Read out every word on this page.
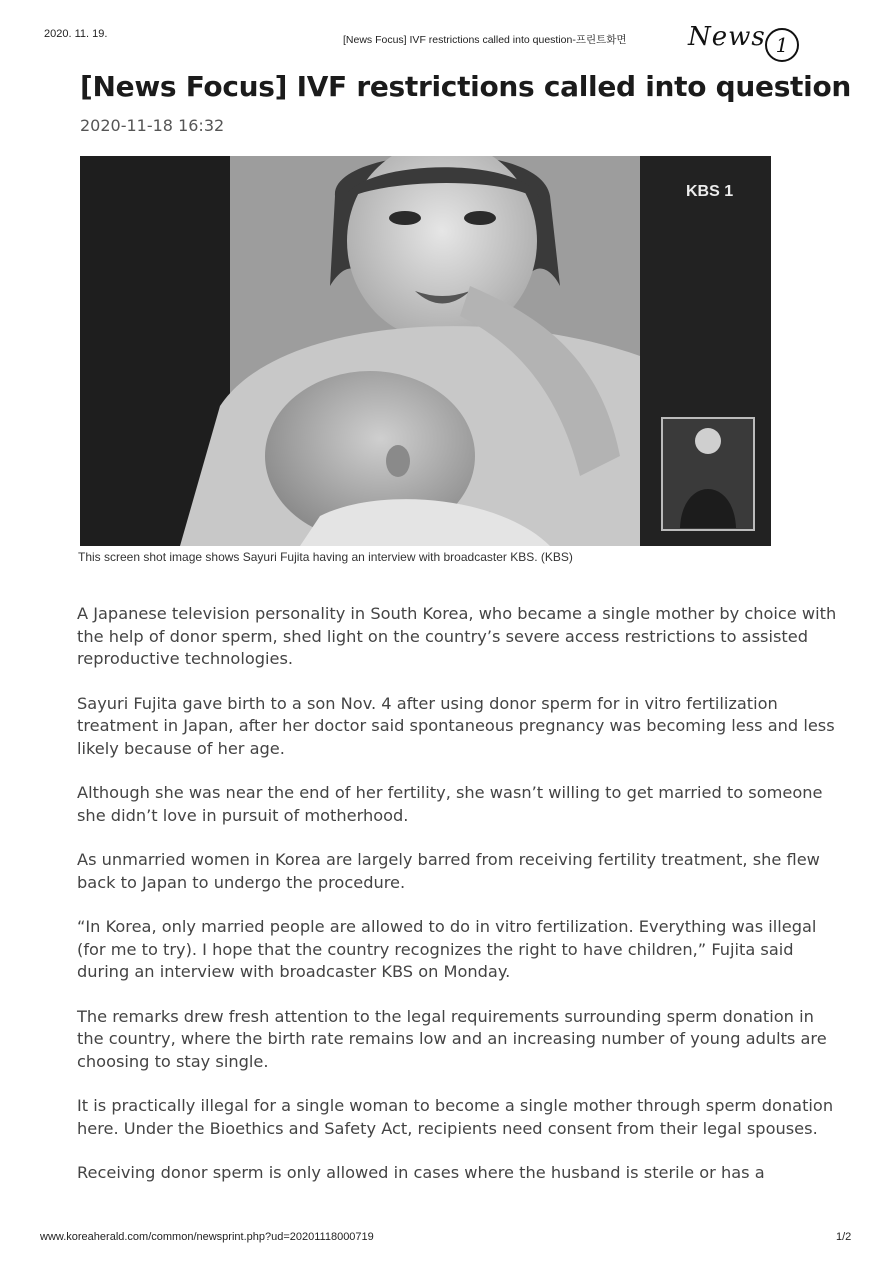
2020. 11. 19.	[News Focus] IVF restrictions called into question-프린트화면 News 1
[News Focus] IVF restrictions called into question
2020-11-18 16:32
KBS 1
This screen shot image shows Sayuri Fujita having an interview with broadcaster KBS. (KBS)

A Japanese television personality in South Korea, who became a single mother by choice with the help of donor sperm, shed light on the country’s severe access restrictions to assisted reproductive technologies.

Sayuri Fujita gave birth to a son Nov. 4 after using donor sperm for in vitro fertilization treatment in Japan, after her doctor said spontaneous pregnancy was becoming less and less likely because of her age.

Although she was near the end of her fertility, she wasn’t willing to get married to someone she didn’t love in pursuit of motherhood.

As unmarried women in Korea are largely barred from receiving fertility treatment, she flew back to Japan to undergo the procedure.

“In Korea, only married people are allowed to do in vitro fertilization. Everything was illegal (for me to try). I hope that the country recognizes the right to have children,” Fujita said during an interview with broadcaster KBS on Monday.

The remarks drew fresh attention to the legal requirements surrounding sperm donation in the country, where the birth rate remains low and an increasing number of young adults are choosing to stay single.

It is practically illegal for a single woman to become a single mother through sperm donation here. Under the Bioethics and Safety Act, recipients need consent from their legal spouses.

Receiving donor sperm is only allowed in cases where the husband is sterile or has a

www.koreaherald.com/common/newsprint.php?ud=20201118000719	1/2
